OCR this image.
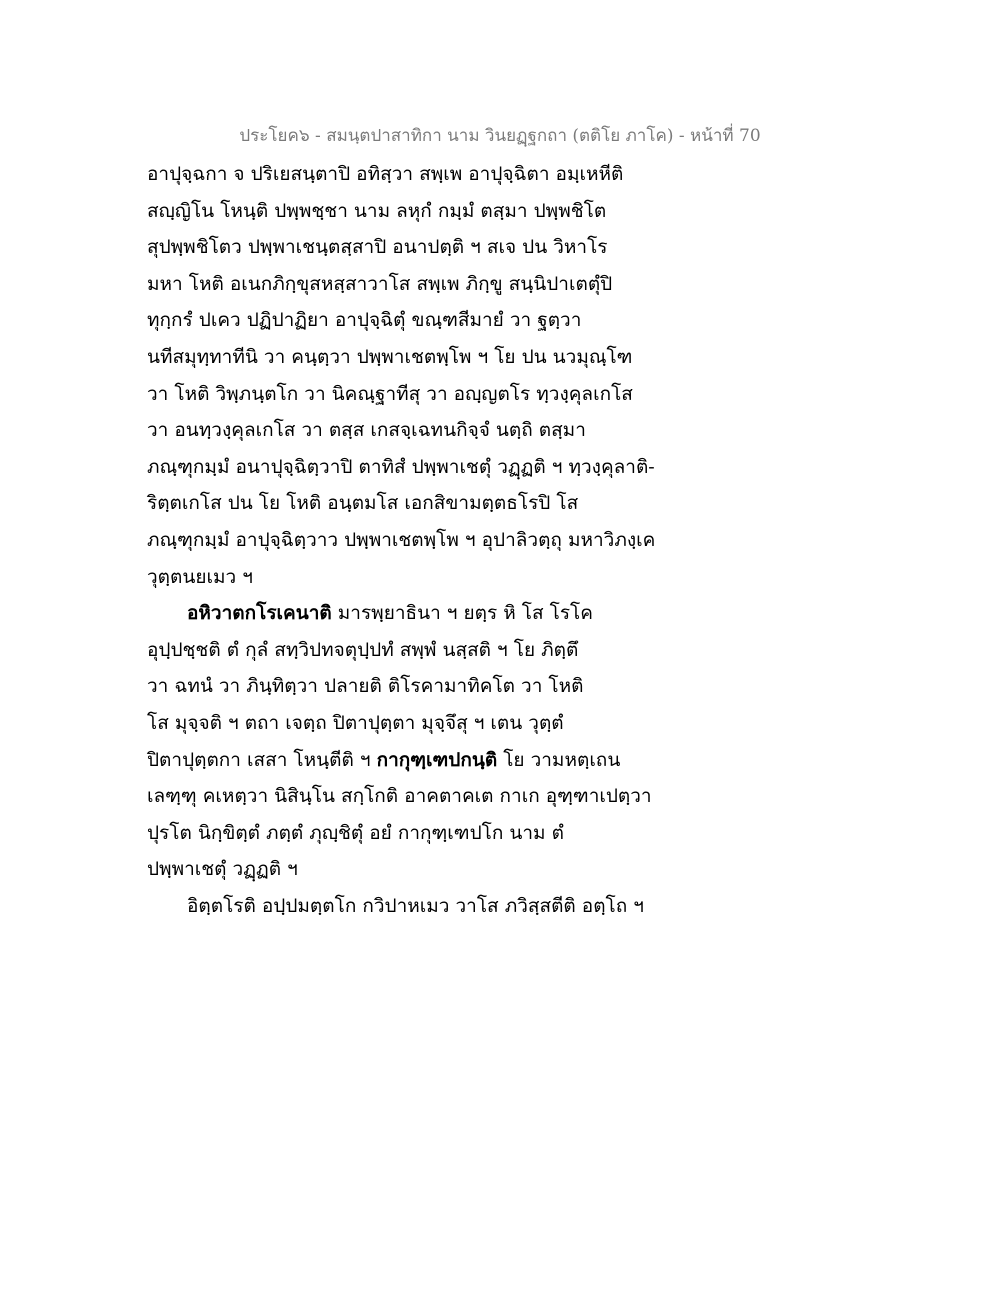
ประโยค๖ - สมนฺตปาสาทิกา นาม วินยฏฺฐกถา (ตติโย ภาโค) - หน้าที่ 70
อาปุจฺฉกา จ ปริเยสนฺตาปิ อทิสฺวา สพฺเพ อาปุจฺฉิตา อมฺเหหีติ
สญฺญิโน โหนฺติ ปพฺพชฺชา นาม ลหุกํ กมฺมํ ตสฺมา ปพฺพชิโต
สุปพฺพชิโตว ปพฺพาเชนฺตสฺสาปิ อนาปตฺติ ฯ สเจ ปน วิหาโร
มหา โหติ อเนกภิกฺขุสหสฺสาวาโส สพฺเพ ภิกฺขู สนฺนิปาเตตุํปิ
ทุกฺกรํ ปเคว ปฏิปาฏิยา อาปุจฺฉิตุํ ขณฺฑสีมายํ วา ฐตฺวา
นทีสมุทฺทาทีนิ วา คนฺตฺวา ปพฺพาเชตพฺโพ ฯ โย ปน นวมุณฺโฑ
วา โหติ วิพฺภนฺตโก วา นิคณฺฐาทีสุ วา อญฺญตโร ทฺวงฺคุลเกโส
วา อนทฺวงฺคุลเกโส วา ตสฺส เกสจฺเฉทนกิจฺจํ นตฺถิ ตสฺมา
ภณฺฑุกมฺมํ อนาปุจฺฉิตฺวาปิ ตาทิสํ ปพฺพาเชตุํ วฏฺฏติ ฯ ทฺวงฺคุลาติ-
ริตฺตเกโส ปน โย โหติ อนฺตมโส เอกสิขามตฺตธโรปิ โส
ภณฺฑุกมฺมํ อาปุจฺฉิตฺวาว ปพฺพาเชตพฺโพ ฯ อุปาลิวตฺถุ มหาวิภงฺเค
วุตฺตนยเมว ฯ
อหิวาตกโรเคนาติ มารพฺยาธินา ฯ ยตฺร หิ โส โรโค
อุปฺปชฺชติ ตํ กุลํ สทฺวิปทจตุปฺปทํ สพฺพํ นสฺสติ ฯ โย ภิตฺตึ
วา ฉทนํ วา ภินฺทิตฺวา ปลายติ ติโรคามาทิคโต วา โหติ
โส มุจฺจติ ฯ ตถา เจตฺถ ปิตาปุตฺตา มุจฺจึสุ ฯ เตน วุตฺตํ
ปิตาปุตฺตกา เสสา โหนฺตีติ ฯ กากุฑฺเฑปกนฺติ โย วามหตฺเถน
เลฑฺฑุ คเหตฺวา นิสินฺโน สกฺโกติ อาคตาคเต กาเก อุฑฺฑาเปตฺวา
ปุรโต นิกฺขิตฺตํ ภตฺตํ ภุญฺชิตุํ อยํ กากุฑฺเฑปโก นาม ตํ
ปพฺพาเชตุํ วฏฺฏติ ฯ
อิตฺตโรติ อปฺปมตฺตโก กวิปาหเมว วาโส ภวิสฺสตีติ อตฺโถ ฯ
